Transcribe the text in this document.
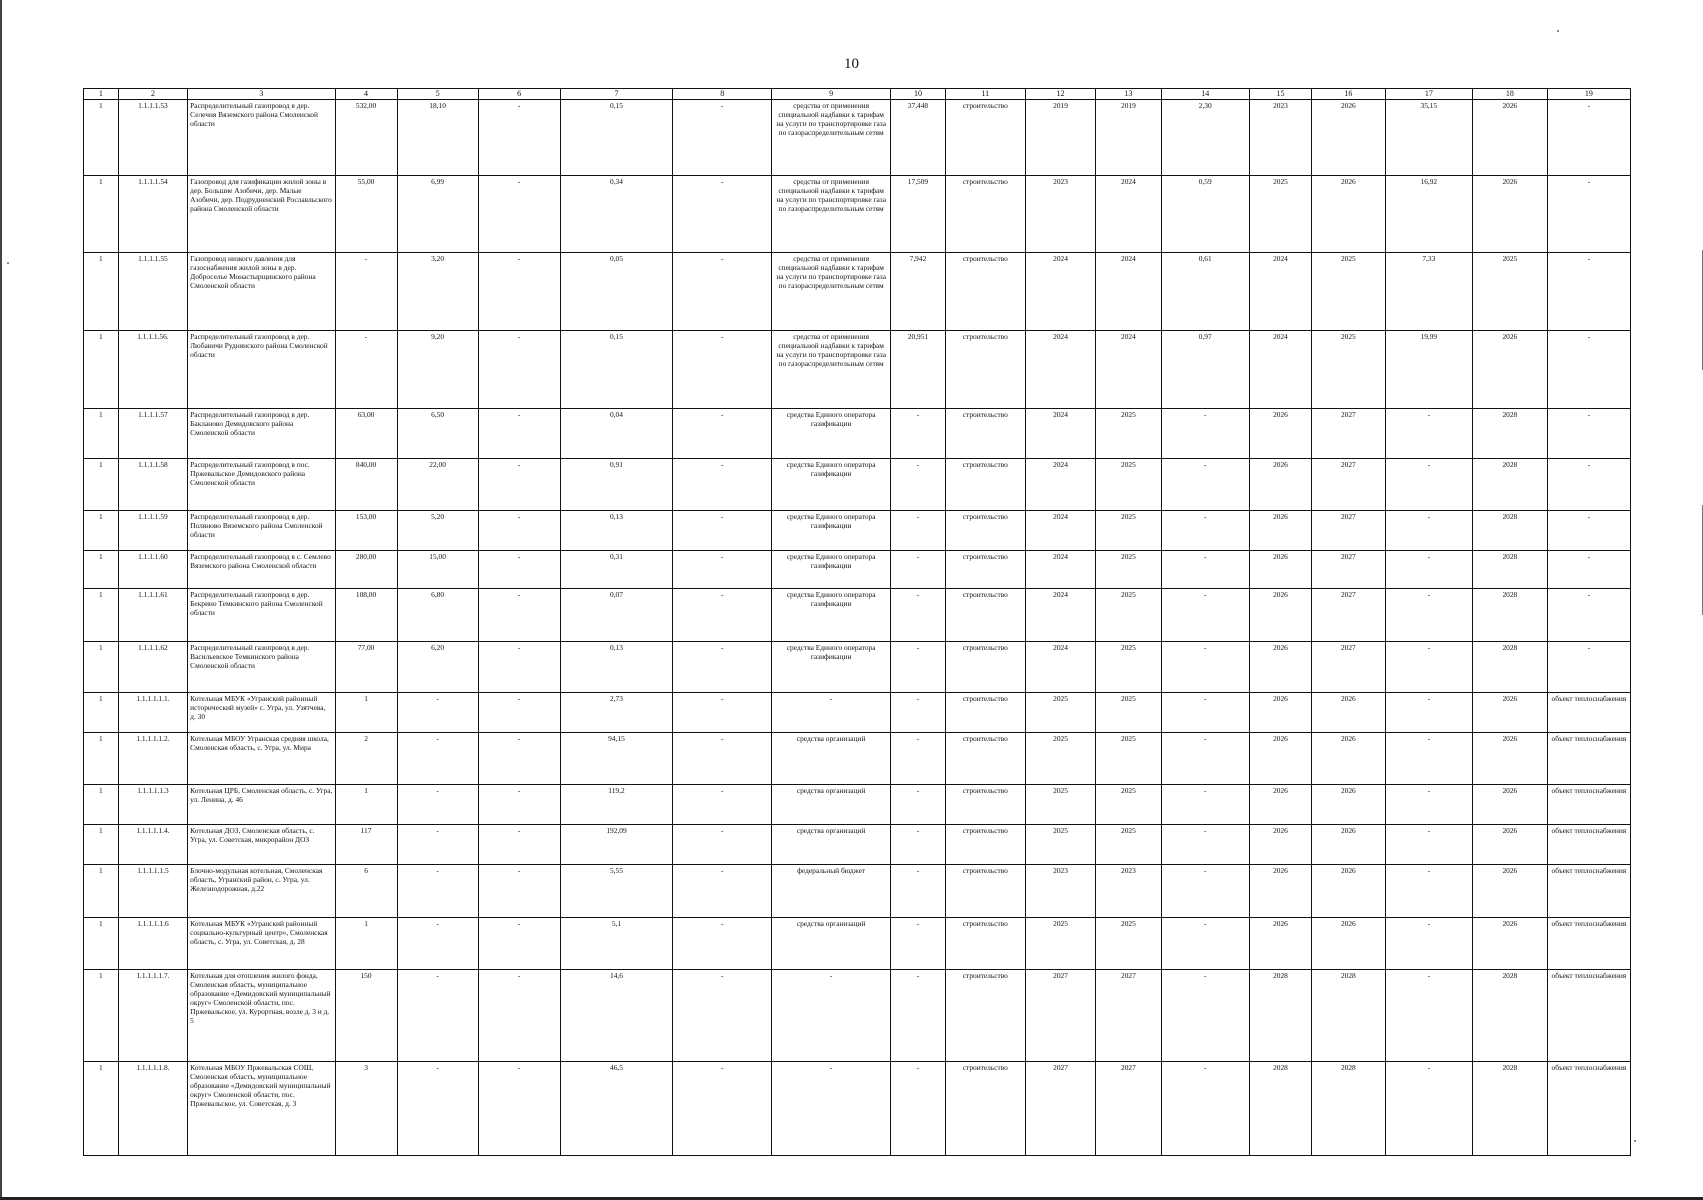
10
1	2	3	4	5	6	7	8	9	10	11	12	13	14	15	16	17	18	19
1	1.1.1.1.53	Распределительный газопровод в дер. Селечня Вяземского района Смоленской области	532,00	18,10	-	0,15	-	средства от применения специальной надбавки к тарифам на услуги по транспортировке газа по газораспределительным сетям	37,448	строительство	2019	2019	2,30	2023	2026	35,15	2026	-
1	1.1.1.1.54	Газопровод для газификации жилой зоны в дер. Большие Азобичи, дер. Малые Азобичи, дер. Подрудненский Рославльского района Смоленской области	55,00	6,99	-	0,34	-	средства от применения специальной надбавки к тарифам на услуги по транспортировке газа по газораспределительным сетям	17,509	строительство	2023	2024	0,59	2025	2026	16,92	2026	-
1	1.1.1.1.55	Газопровод низкого давления для газоснабжения жилой зоны в дер. Доброселье Монастырщинского района Смоленской области	-	3,20	-	0,05	-	средства от применения специальной надбавки к тарифам на услуги по транспортировке газа по газораспределительным сетям	7,942	строительство	2024	2024	0,61	2024	2025	7,33	2025	-
1	1.1.1.1.56.	Распределительный газопровод в дер. Любавичи Руднянского района Смоленской области	-	9,20	-	0,15	-	средства от применения специальной надбавки к тарифам на услуги по транспортировке газа по газораспределительным сетям	20,951	строительство	2024	2024	0,97	2024	2025	19,99	2026	-
1	1.1.1.1.57	Распределительный газопровод в дер. Бакланово Демидовского района Смоленской области	63,00	6,50	-	0,04	-	средства Единого оператора газификации	-	строительство	2024	2025	-	2026	2027	-	2028	-
1	1.1.1.1.58	Распределительный газопровод в пос. Пржевальское Демидовского района Смоленской области	840,00	22,00	-	0,91	-	средства Единого оператора газификации	-	строительство	2024	2025	-	2026	2027	-	2028	-
1	1.1.1.1.59	Распределительный газопровод в дер. Поляново Вяземского района Смоленской области	153,00	5,20	-	0,13	-	средства Единого оператора газификации	-	строительство	2024	2025	-	2026	2027	-	2028	-
1	1.1.1.1.60	Распределительный газопровод в с. Семлево Вяземского района Смоленской области	280,00	15,00	-	0,31	-	средства Единого оператора газификации	-	строительство	2024	2025	-	2026	2027	-	2028	-
1	1.1.1.1.61	Распределительный газопровод в дер. Бекрино Темкинского района Смоленской области	108,00	6,80	-	0,07	-	средства Единого оператора газификации	-	строительство	2024	2025	-	2026	2027	-	2028	-
1	1.1.1.1.62	Распределительный газопровод в дер. Васильевское Темкинского района Смоленской области	77,00	6,20	-	0,13	-	средства Единого оператора газификации	-	строительство	2024	2025	-	2026	2027	-	2028	-
1	1.1.1.1.1.1.	Котельная МБУК «Угранский районный исторический музей» с. Угра, ул. Узятчева, д. 30	1	-	-	2,73	-	-	-	строительство	2025	2025	-	2026	2026	-	2026	объект теплоснабжения
1	1.1.1.1.1.2.	Котельная МБОУ Угранская средняя школа, Смоленская область, с. Угра, ул. Мира	2	-	-	94,15	-	средства организаций	-	строительство	2025	2025	-	2026	2026	-	2026	объект теплоснабжения
1	1.1.1.1.1.3	Котельная ЦРБ, Смоленская область, с. Угра, ул. Ленина, д. 46	1	-	-	119,2	-	средства организаций	-	строительство	2025	2025	-	2026	2026	-	2026	объект теплоснабжения
1	1.1.1.1.1.4.	Котельная ДОЗ, Смоленская область, с. Угра, ул. Советская, микрорайон ДОЗ	117	-	-	192,09	-	средства организаций	-	строительство	2025	2025	-	2026	2026	-	2026	объект теплоснабжения
1	1.1.1.1.1.5	Блочно-модульная котельная, Смоленская область, Угранский район, с. Угра, ул. Железнодорожная, д.22	6	-	-	5,55	-	федеральный бюджет	-	строительство	2023	2023	-	2026	2026	-	2026	объект теплоснабжения
1	1.1.1.1.1.6	Котельная МБУК «Угранский районный социально-культурный центр», Смоленская область, с. Угра, ул. Советская, д. 28	1	-	-	5,1	-	средства организаций	-	строительство	2025	2025	-	2026	2026	-	2026	объект теплоснабжения
1	1.1.1.1.1.7.	Котельная для отопления жилого фонда, Смоленская область, муниципальное образование «Демидовский муниципальный округ» Смоленской области, пос. Пржевальское, ул. Курортная, возле д. 3 и д. 5	150	-	-	14,6	-	-	-	строительство	2027	2027	-	2028	2028	-	2028	объект теплоснабжения
1	1.1.1.1.1.8.	Котельная МБОУ Пржевальская СОШ, Смоленская область, муниципальное образование «Демидовский муниципальный округ» Смоленской области, пос. Пржевальское, ул. Советская, д. 3	3	-	-	46,5	-	-	-	строительство	2027	2027	-	2028	2028	-	2028	объект теплоснабжения
